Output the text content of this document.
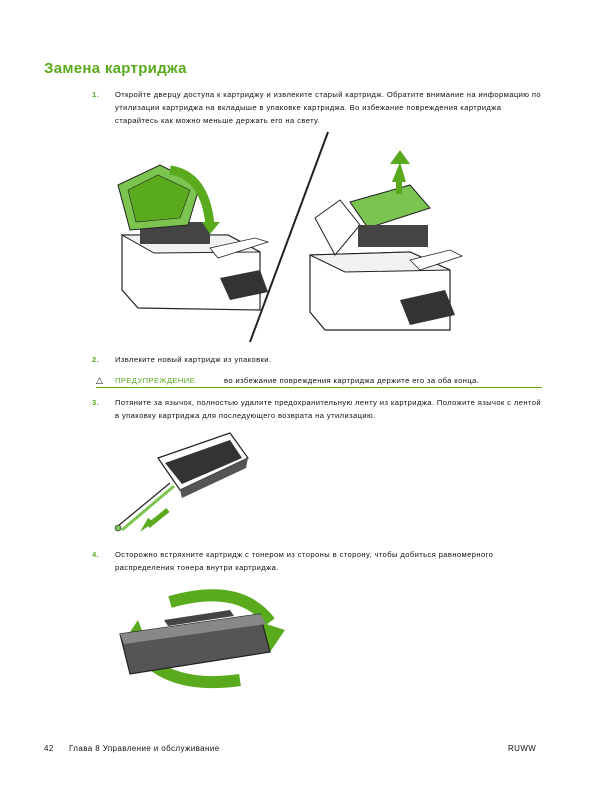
Замена картриджа
1. Откройте дверцу доступа к картриджу и извлеките старый картридж. Обратите внимание на информацию по утилизации картриджа на вкладыше в упаковке картриджа. Во избежание повреждения картриджа старайтесь как можно меньше держать его на свету.
2. Извлеките новый картридж из упаковки.
△ ПРЕДУПРЕЖДЕНИЕ.	во избежание повреждения картриджа держите его за оба конца.
3. Потяните за язычок, полностью удалите предохранительную ленту из картриджа. Положите язычок с лентой в упаковку картриджа для последующего возврата на утилизацию.
4. Осторожно встряхните картридж с тонером из стороны в сторону, чтобы добиться равномерного распределения тонера внутри картриджа.
42 Глава 8 Управление и обслуживание	RUWW
